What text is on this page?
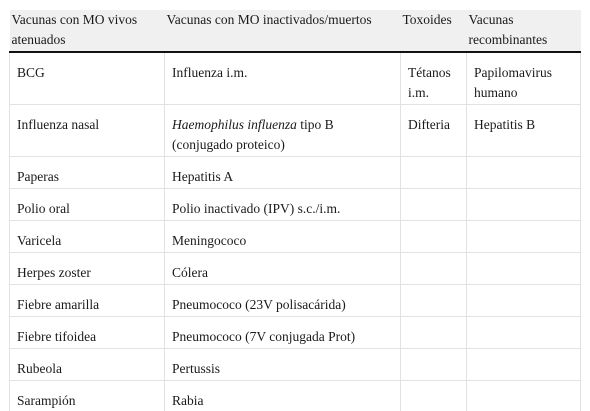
Vacunas con MO vivos atenuados	Vacunas con MO inactivados/muertos	Toxoides	Vacunas recombinantes
BCG	Influenza i.m.	Tétanos i.m.	Papilomavirus humano
Influenza nasal	Haemophilus influenza tipo B (conjugado proteico)	Difteria	Hepatitis B
Paperas	Hepatitis A		
Polio oral	Polio inactivado (IPV) s.c./i.m.		
Varicela	Meningococo		
Herpes zoster	Cólera		
Fiebre amarilla	Pneumococo (23V polisacárida)		
Fiebre tifoidea	Pneumococo (7V conjugada Prot)		
Rubeola	Pertussis		
Sarampión	Rabia		
